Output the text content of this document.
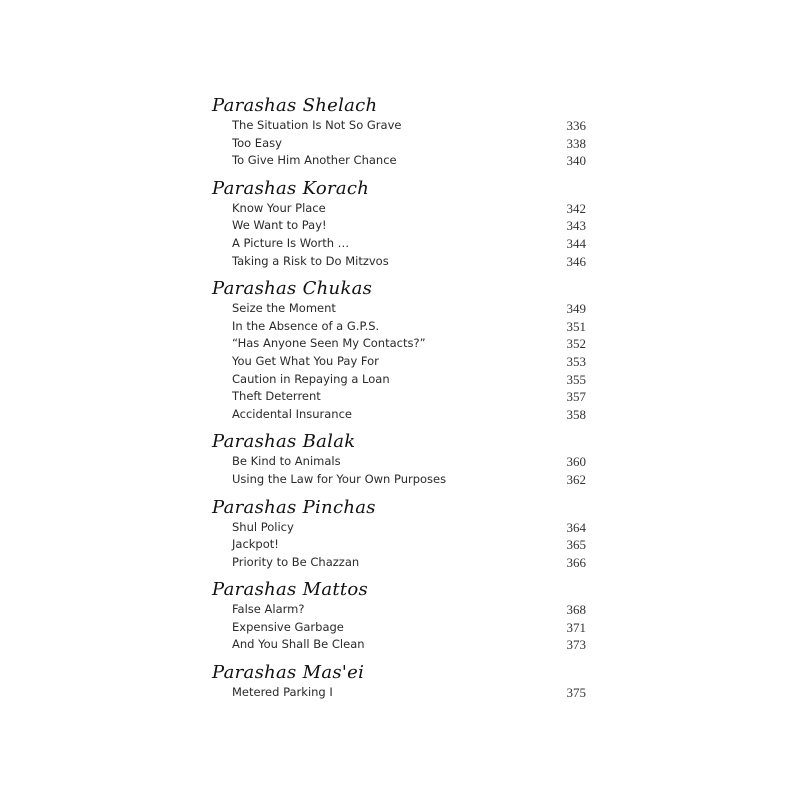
Parashas Shelach
The Situation Is Not So Grave	336
Too Easy	338
To Give Him Another Chance	340
Parashas Korach
Know Your Place	342
We Want to Pay!	343
A Picture Is Worth …	344
Taking a Risk to Do Mitzvos	346
Parashas Chukas
Seize the Moment	349
In the Absence of a G.P.S.	351
“Has Anyone Seen My Contacts?”	352
You Get What You Pay For	353
Caution in Repaying a Loan	355
Theft Deterrent	357
Accidental Insurance	358
Parashas Balak
Be Kind to Animals	360
Using the Law for Your Own Purposes	362
Parashas Pinchas
Shul Policy	364
Jackpot!	365
Priority to Be Chazzan	366
Parashas Mattos
False Alarm?	368
Expensive Garbage	371
And You Shall Be Clean	373
Parashas Mas'ei
Metered Parking I	375
